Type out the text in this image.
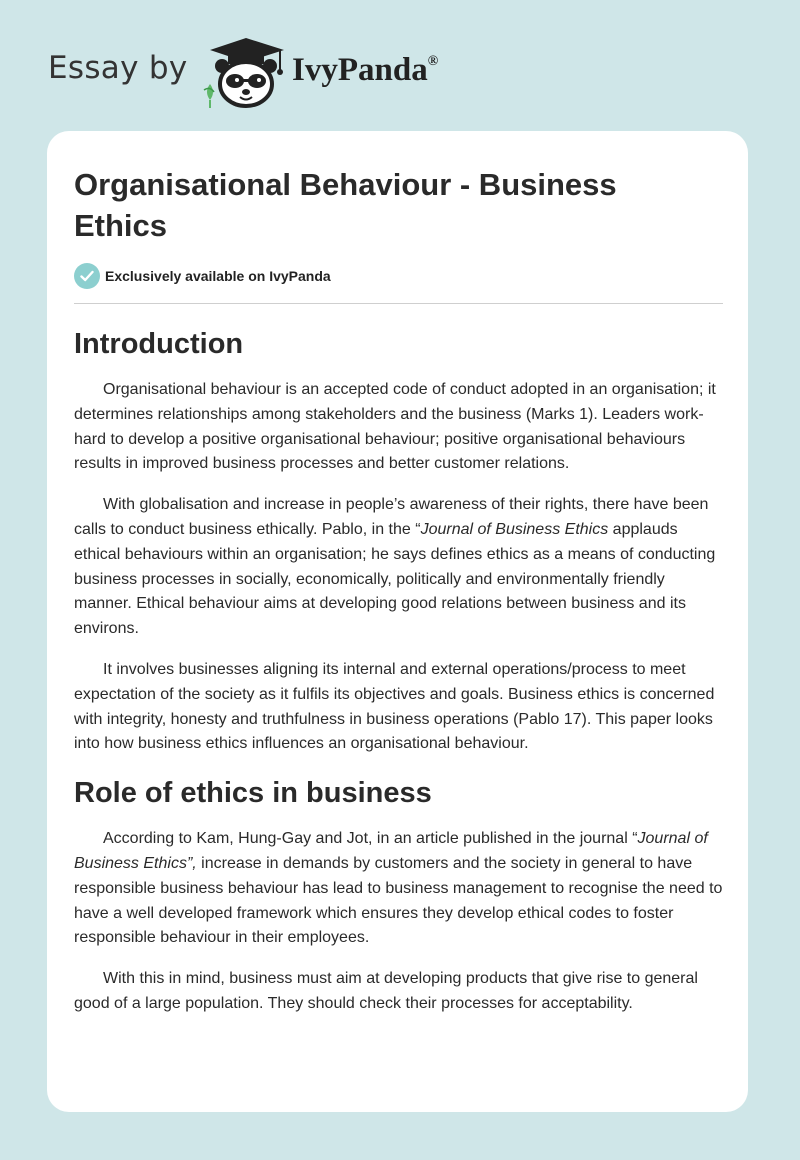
Essay by	IvyPanda®
Organisational Behaviour - Business Ethics
Exclusively available on IvyPanda
Introduction

Organisational behaviour is an accepted code of conduct adopted in an organisation; it determines relationships among stakeholders and the business (Marks 1). Leaders work-hard to develop a positive organisational behaviour; positive organisational behaviours results in improved business processes and better customer relations.

With globalisation and increase in people’s awareness of their rights, there have been calls to conduct business ethically. Pablo, in the “Journal of Business Ethics applauds ethical behaviours within an organisation; he says defines ethics as a means of conducting business processes in socially, economically, politically and environmentally friendly manner. Ethical behaviour aims at developing good relations between business and its environs.

It involves businesses aligning its internal and external operations/process to meet expectation of the society as it fulfils its objectives and goals. Business ethics is concerned with integrity, honesty and truthfulness in business operations (Pablo 17). This paper looks into how business ethics influences an organisational behaviour.

Role of ethics in business

According to Kam, Hung-Gay and Jot, in an article published in the journal “Journal of Business Ethics”, increase in demands by customers and the society in general to have responsible business behaviour has lead to business management to recognise the need to have a well developed framework which ensures they develop ethical codes to foster responsible behaviour in their employees.

With this in mind, business must aim at developing products that give rise to general good of a large population. They should check their processes for acceptability.
